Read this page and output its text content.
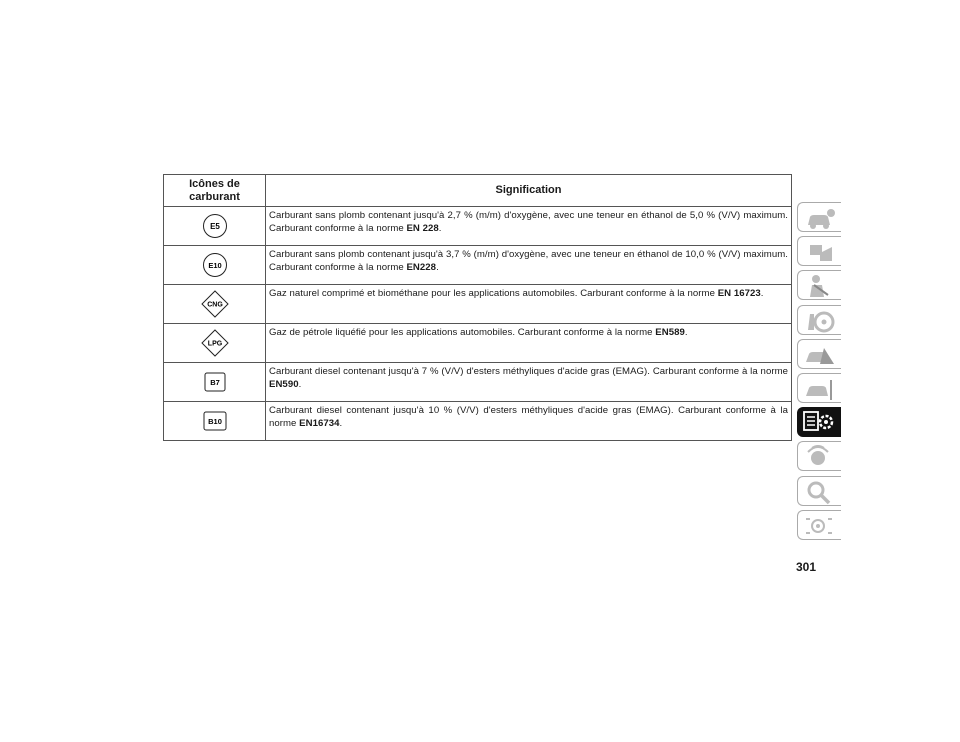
Icônes de carburant	Signification

E5	Carburant sans plomb contenant jusqu'à 2,7 % (m/m) d'oxygène, avec une teneur en éthanol de 5,0 % (V/V) maximum. Carburant conforme à la norme EN 228.

E10	Carburant sans plomb contenant jusqu'à 3,7 % (m/m) d'oxygène, avec une teneur en éthanol de 10,0 % (V/V) maximum. Carburant conforme à la norme EN228.

CNG	Gaz naturel comprimé et biométhane pour les applications automobiles. Carburant conforme à la norme EN 16723.

LPG	Gaz de pétrole liquéfié pour les applications automobiles. Carburant conforme à la norme EN589.

B7	Carburant diesel contenant jusqu'à 7 % (V/V) d'esters méthyliques d'acide gras (EMAG). Carburant conforme à la norme EN590.

B10	Carburant diesel contenant jusqu'à 10 % (V/V) d'esters méthyliques d'acide gras (EMAG). Carburant conforme à la norme EN16734.
301
